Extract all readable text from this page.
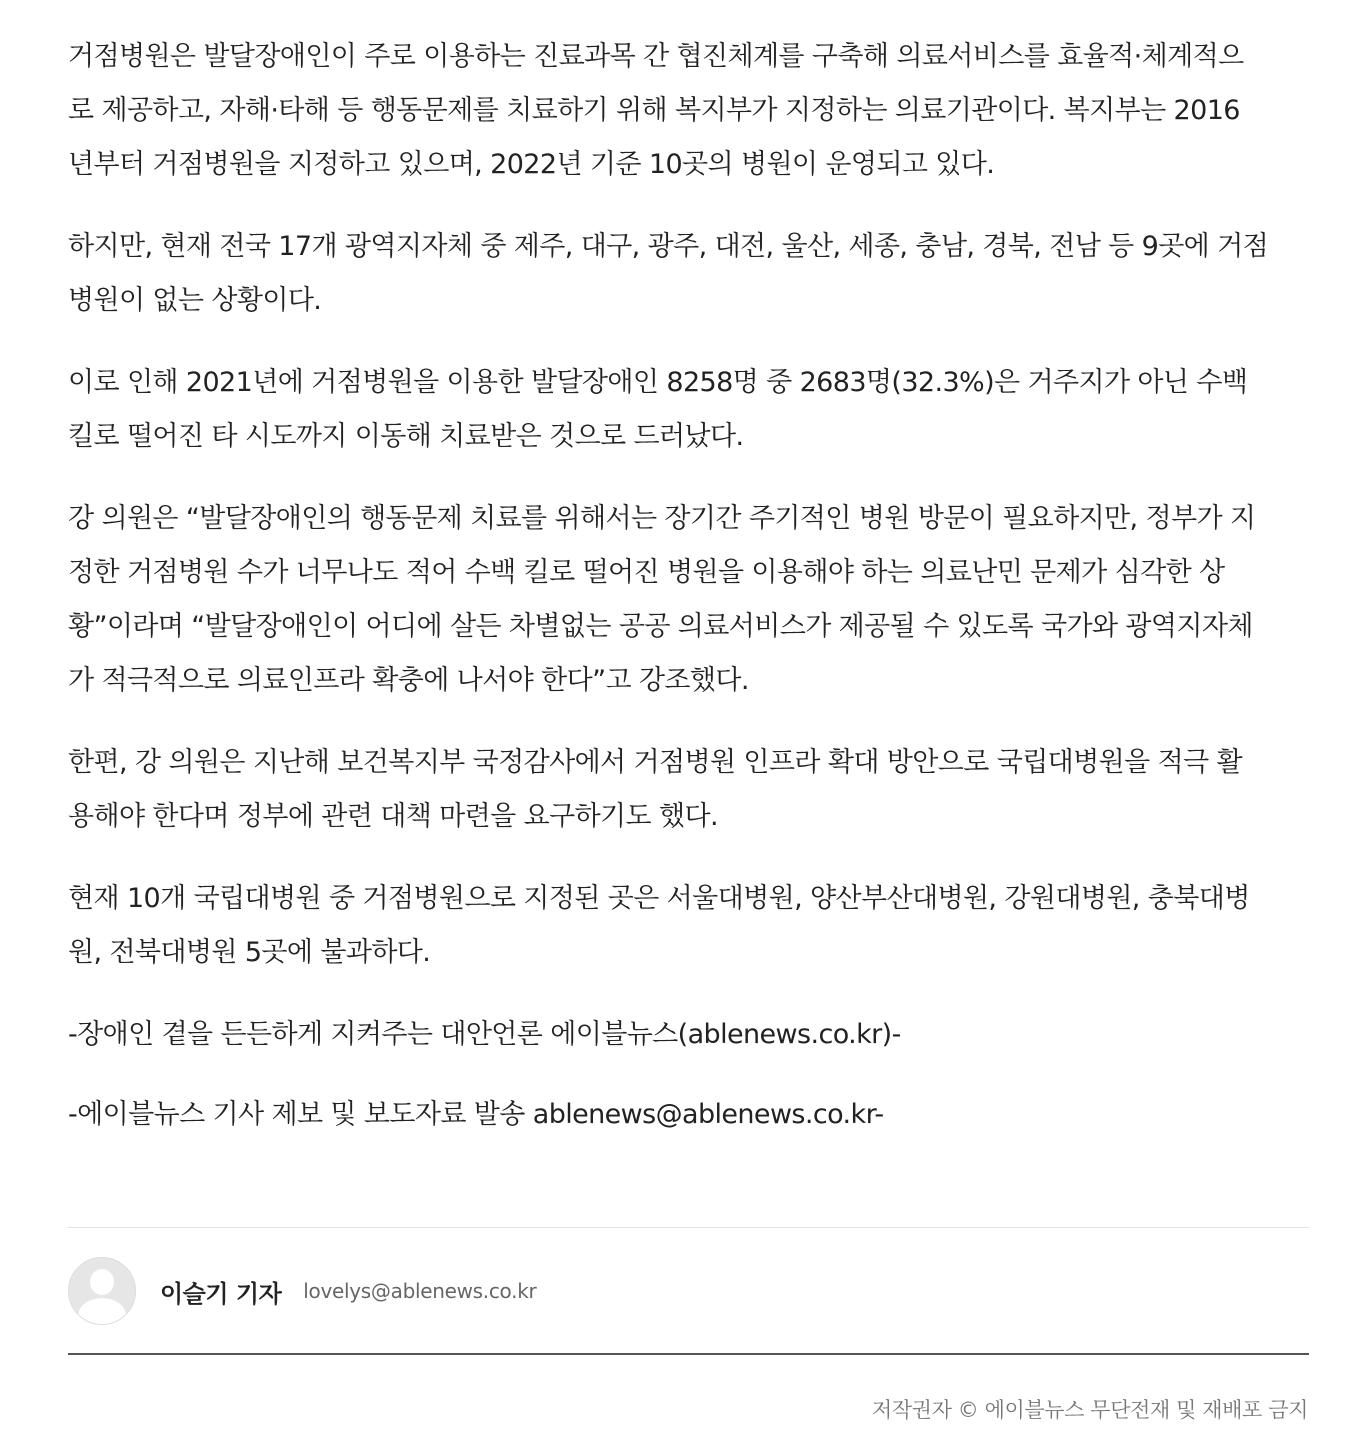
거점병원은 발달장애인이 주로 이용하는 진료과목 간 협진체계를 구축해 의료서비스를 효율적·체계적으
로 제공하고, 자해·타해 등 행동문제를 치료하기 위해 복지부가 지정하는 의료기관이다. 복지부는 2016
년부터 거점병원을 지정하고 있으며, 2022년 기준 10곳의 병원이 운영되고 있다.

하지만, 현재 전국 17개 광역지자체 중 제주, 대구, 광주, 대전, 울산, 세종, 충남, 경북, 전남 등 9곳에 거점
병원이 없는 상황이다.

이로 인해 2021년에 거점병원을 이용한 발달장애인 8258명 중 2683명(32.3%)은 거주지가 아닌 수백
킬로 떨어진 타 시도까지 이동해 치료받은 것으로 드러났다.

강 의원은 “발달장애인의 행동문제 치료를 위해서는 장기간 주기적인 병원 방문이 필요하지만, 정부가 지
정한 거점병원 수가 너무나도 적어 수백 킬로 떨어진 병원을 이용해야 하는 의료난민 문제가 심각한 상
황”이라며 “발달장애인이 어디에 살든 차별없는 공공 의료서비스가 제공될 수 있도록 국가와 광역지자체
가 적극적으로 의료인프라 확충에 나서야 한다”고 강조했다.

한편, 강 의원은 지난해 보건복지부 국정감사에서 거점병원 인프라 확대 방안으로 국립대병원을 적극 활
용해야 한다며 정부에 관련 대책 마련을 요구하기도 했다.

현재 10개 국립대병원 중 거점병원으로 지정된 곳은 서울대병원, 양산부산대병원, 강원대병원, 충북대병
원, 전북대병원 5곳에 불과하다.

-장애인 곁을 든든하게 지켜주는 대안언론 에이블뉴스(ablenews.co.kr)-

-에이블뉴스 기사 제보 및 보도자료 발송 ablenews@ablenews.co.kr-

이슬기 기자 lovelys@ablenews.co.kr
저작권자 © 에이블뉴스 무단전재 및 재배포 금지
